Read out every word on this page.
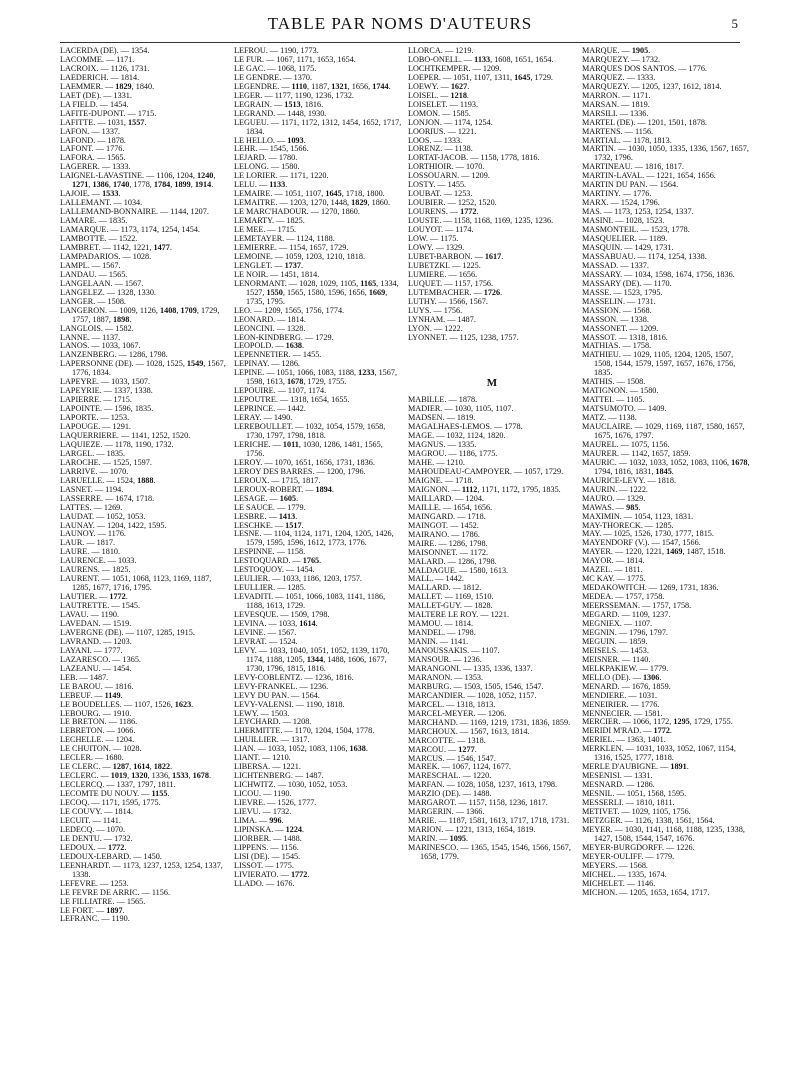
TABLE PAR NOMS D'AUTEURS	5
LACERDA (DE). — 1354.
LACOMME. — 1171.
LACROIX. — 1126, 1731.
LAEDERICH. — 1814.
LAEMMER. — 1829, 1840.
LAET (DE). — 1331.
LA FIELD. — 1454.
LAFITE-DUPONT. — 1715.
LAFITTE. — 1031, 1557.
LAFON. — 1337.
LAFOND. — 1878.
LAFONT. — 1776.
LAFORA. — 1565.
LAGERER. — 1333.
LAIGNEL-LAVASTINE. — 1106, 1204, 1240, 1271, 1386, 1740, 1778, 1784, 1899, 1914.
LAJOIE. — 1533.
LALLEMANT. — 1034.
LALLEMAND-BONNAIRE. — 1144, 1207.
LAMARE. — 1835.
LAMARQUE. — 1173, 1174, 1254, 1454.
LAMBOTTE. — 1522.
LAMBRET. — 1142, 1221, 1477.
LAMPADARIOS. — 1028.
LAMPL. — 1567.
LANDAU. — 1565.
LANGELAAN. — 1567.
LANGELEZ. — 1328, 1330.
LANGER. — 1508.
LANGERON. — 1009, 1126, 1408, 1709, 1729, 1757, 1887, 1898.
LANGLOIS. — 1582.
LANNE. — 1137.
LANOS. — 1033, 1067.
LANZENBERG. — 1286, 1798.
LAPERSONNE (DE). — 1028, 1525, 1549, 1567, 1776, 1834.
LAPEYRE. — 1033, 1507.
LAPEYRIE. — 1337, 1338.
LAPIERRE. — 1715.
LAPOINTE. — 1596, 1835.
LAPORTE. — 1253.
LAPOUGE. — 1291.
LAQUERRIÈRE. — 1141, 1252, 1520.
LAQUIÈZE. — 1178, 1190, 1732.
LARGEL. — 1835.
LAROCHE. — 1525, 1597.
LARRIVÉ. — 1070.
LARUELLE. — 1524, 1888.
LASNET. — 1194.
LASSERRE. — 1674, 1718.
LATTES. — 1269.
LAUDAT. — 1052, 1053.
LAUNAY. — 1204, 1422, 1595.
LAUNOY. — 1176.
LAUR. — 1817.
LAURE. — 1810.
LAURENCE. — 1033.
LAURENS. — 1825.
LAURENT. — 1051, 1068, 1123, 1169, 1187, 1285, 1677, 1716, 1795.
LAUTIER. — 1772.
LAUTRETTE. — 1545.
LAVAU. — 1190.
LAVEDAN. — 1519.
LAVERGNE (DE). — 1107, 1285, 1915.
LAVRAND. — 1203.
LAYANI. — 1777.
LAZARESCO. — 1365.
LAZEANU. — 1454.
LEB. — 1487.
LE BAROU. — 1816.
LEBEUF. — 1149.
LE BOUDELLES. — 1107, 1526, 1623.
LEBOURG. — 1910.
LE BRETON. — 1186.
LEBRETON. — 1066.
LECHELLE. — 1204.
LE CHUITON. — 1028.
LECLER. — 1680.
LE CLERC. — 1287, 1614, 1822.
LECLERC. — 1019, 1320, 1336, 1533, 1678.
LECLERCQ. — 1337, 1797, 1811.
LECOMTE DU NOUY. — 1155.
LECOQ. — 1171, 1595, 1775.
LE COUVY. — 1814.
LECUIT. — 1141.
LEDECQ. — 1070.
LE DENTU. — 1732.
LEDOUX. — 1772.
LEDOUX-LEBARD. — 1450.
LEENHARDT. — 1173, 1237, 1253, 1254, 1337, 1338.
LEFÈVRE. — 1253.
LE FÈVRE DE ARRIC. — 1156.
LE FILLIATRE. — 1565.
LE FORT. — 1897.
LEFRANC. — 1190.
LEFROU. — 1190, 1773.
LE FUR. — 1067, 1171, 1653, 1654.
LE GAC. — 1068, 1175.
LE GENDRE. — 1370.
LEGENDRE. — 1110, 1187, 1321, 1656, 1744.
LÉGER. — 1177, 1190, 1236, 1732.
LEGRAIN. — 1513, 1816.
LEGRAND. — 1448, 1930.
LEGUEU. — 1171, 1172, 1312, 1454, 1652, 1717, 1834.
LE HELLO. — 1093.
LEHR. — 1545, 1566.
LEJARD. — 1780.
LELONG. — 1580.
LE LORIER. — 1171, 1220.
LÉLU. — 1133.
LEMAIRE. — 1051, 1107, 1645, 1718, 1800.
LEMAITRE. — 1203, 1270, 1448, 1829, 1860.
LE MARC'HADOUR. — 1270, 1860.
LEMARTY. — 1825.
LE MÉE. — 1715.
LEMÉTAYER. — 1124, 1188.
LEMIERRE. — 1154, 1657, 1729.
LEMOINE. — 1059, 1203, 1210, 1818.
LENGLET. — 1737.
LE NOIR. — 1451, 1814.
LENORMANT. — 1028, 1029, 1105, 1165, 1334, 1527, 1550, 1565, 1580, 1596, 1656, 1669, 1735, 1795.
LÉO. — 1209, 1565, 1756, 1774.
LÉONARD. — 1814.
LEONCINI. — 1328.
LEON-KINDBERG. — 1729.
LEOPOLD. — 1638.
LEPENNETIER. — 1455.
LÉPINAY. — 1286.
LÉPINE. — 1051, 1066, 1083, 1188, 1233, 1567, 1598, 1613, 1678, 1729, 1755.
LEPOUIRE. — 1107, 1174.
LEPOUTRE. — 1318, 1654, 1655.
LEPRINCE. — 1442.
LERAY. — 1490.
LEREBOULLET. — 1032, 1054, 1579, 1658, 1730, 1797, 1798, 1818.
LERICHE. — 1011, 1030, 1286, 1481, 1565, 1756.
LEROY. — 1070, 1651, 1656, 1731, 1836.
LEROY DES BARRES. — 1200, 1796.
LEROUX. — 1715, 1817.
LEROUX-ROBERT. — 1894.
LESAGE. — 1605.
LE SAUCE. — 1779.
LESBRE. — 1413.
LESCHKE. — 1517.
LESNÉ. — 1104, 1124, 1171, 1204, 1205, 1426, 1579, 1595, 1596, 1612, 1773, 1776.
LESPINNE. — 1158.
LESTOQUARD. — 1765.
LESTOQUOY. — 1454.
LEULIER. — 1033, 1186, 1203, 1757.
LEULLIER. — 1285.
LEVADITI. — 1051, 1066, 1083, 1141, 1186, 1188, 1613, 1729.
LEVESQUE. — 1509, 1798.
LEVINA. — 1033, 1614.
LEVINE. — 1567.
LEVRAT. — 1524.
LÉVY. — 1033, 1040, 1051, 1052, 1139, 1170, 1174, 1188, 1205, 1344, 1488, 1606, 1677, 1730, 1796, 1815, 1816.
LÉVY-COBLENTZ. — 1236, 1816.
LÉVY-FRANKEL. — 1236.
LÉVY DU PAN. — 1564.
LÉVY-VALENSI. — 1190, 1818.
LEWY. — 1503.
LEYCHARD. — 1208.
LHERMITTE. — 1170, 1204, 1504, 1778.
LHUILLIER. — 1317.
LIAN. — 1033, 1052, 1083, 1106, 1638.
LIANT. — 1210.
LIBERSA. — 1221.
LICHTENBERG. — 1487.
LICHWITZ. — 1030, 1052, 1053.
LICOU. — 1190.
LIÈVRE. — 1526, 1777.
LIEVU. — 1732.
LIMA. — 996.
LIPINSKA. — 1224.
LIORBER. — 1488.
LIPPENS. — 1156.
LISI (DE). — 1545.
LISSOT. — 1775.
LIVIERATO. — 1772.
LLADO. — 1676.
LLORCA. — 1219.
LOBO-ONELL. — 1133, 1608, 1651, 1654.
LOCHTKEMPER. — 1209.
LOEPER. — 1051, 1107, 1311, 1645, 1729.
LOEWY. — 1627.
LOISEL. — 1218.
LOISELET. — 1193.
LOMON. — 1585.
LONJON. — 1174, 1254.
LOORIUS. — 1221.
LOOS. — 1333.
LORENZ. — 1138.
LORTAT-JACOB. — 1158, 1778, 1816.
LORTHIOIR. — 1070.
LOSSOUARN. — 1209.
LOSTY. — 1455.
LOUBAT. — 1253.
LOUBIER. — 1252, 1520.
LOURENS. — 1772.
LOUSTE. — 1158, 1168, 1169, 1235, 1236.
LOUYOT. — 1174.
LOW. — 1175.
LOWY. — 1329.
LUBET-BARBON. — 1617.
LUBETZKI. — 1225.
LUMIÈRE. — 1656.
LUQUET. — 1157, 1756.
LUTEMBACHER. — 1726.
LUTHY. — 1566, 1567.
LUYS. — 1756.
LYNHAM. — 1487.
LYON. — 1222.
LYONNET. — 1125, 1238, 1757.
M
MABILLE. — 1878.
MADIER. — 1030, 1105, 1107.
MADSEN. — 1819.
MAGALHAES-LEMOS. — 1778.
MAGE. — 1032, 1124, 1820.
MAGNUS. — 1335.
MAGROU. — 1186, 1775.
MAHÉ. — 1210.
MAHOUDEAU-CAMPOYER. — 1057, 1729.
MAIGNÉ. — 1718.
MAIGNON. — 1112, 1171, 1172, 1795, 1835.
MAILLARD. — 1204.
MAILLE. — 1654, 1656.
MAINGARD. — 1718.
MAINGOT. — 1452.
MAIRANO. — 1786.
MAIRE. — 1286, 1798.
MAISONNET. — 1172.
MALARD. — 1286, 1798.
MALDAGUE. — 1580, 1613.
MALL. — 1442.
MALLARD. — 1812.
MALLET. — 1169, 1510.
MALLET-GUY. — 1828.
MALTÈRE LE ROY. — 1221.
MAMOU. — 1814.
MANDEL. — 1798.
MANIN. — 1141.
MANOUSSAKIS. — 1107.
MANSOUR. — 1236.
MARANGONI. — 1335, 1336, 1337.
MARANON. — 1353.
MARBURG. — 1503, 1505, 1546, 1547.
MARCANDIER. — 1028, 1052, 1157.
MARCEL. — 1318, 1813.
MARCEL-MEYER. — 1206.
MARCHAND. — 1169, 1219, 1731, 1836, 1859.
MARCHOUX. — 1567, 1613, 1814.
MARCOTTE. — 1318.
MARCOU. — 1277.
MARCUS. — 1546, 1547.
MAREK. — 1067, 1124, 1677.
MARESCHAL. — 1220.
MARFAN. — 1028, 1058, 1237, 1613, 1798.
MARZIO (DE). — 1488.
MARGAROT. — 1157, 1158, 1236, 1817.
MARGERIN. — 1366.
MARIE. — 1187, 1581, 1613, 1717, 1718, 1731.
MARION. — 1221, 1313, 1654, 1819.
MARIN. — 1095.
MARINESCO. — 1365, 1545, 1546, 1566, 1567, 1658, 1779.
MARQUE. — 1905.
MARQUÉZY. — 1732.
MARQUES DOS SANTOS. — 1776.
MARQUEZ. — 1333.
MARQUÉZY. — 1205, 1237, 1612, 1814.
MARRON. — 1171.
MARSAN. — 1819.
MARSILI. — 1336.
MARTEL (DE). — 1201, 1501, 1878.
MARTENS. — 1156.
MARTIAL. — 1178, 1813.
MARTIN. — 1030, 1050, 1335, 1336, 1567, 1657, 1732, 1796.
MARTINEAU. — 1816, 1817.
MARTIN-LAVAL. — 1221, 1654, 1656.
MARTIN DU PAN. — 1564.
MARTINY. — 1776.
MARX. — 1524, 1796.
MAS. — 1173, 1253, 1254, 1337.
MASINI. — 1028, 1523.
MASMONTEIL. — 1523, 1778.
MASQUELIER. — 1189.
MASQUIN. — 1429, 1731.
MASSABUAU. — 1174, 1254, 1338.
MASSAD. — 1337.
MASSARY. — 1034, 1598, 1674, 1756, 1836.
MASSARY (DE). — 1170.
MASSÉ. — 1523, 1795.
MASSELIN. — 1731.
MASSION. — 1568.
MASSON. — 1338.
MASSONET. — 1209.
MASSOT. — 1318, 1816.
MATHIAS. — 1758.
MATHIEU. — 1029, 1105, 1204, 1205, 1507, 1508, 1544, 1579, 1597, 1657, 1676, 1756, 1835.
MATHIS. — 1508.
MATIGNON. — 1580.
MATTEI. — 1105.
MATSUMOTO. — 1409.
MATZ. — 1138.
MAUCLAIRE. — 1029, 1169, 1187, 1580, 1657, 1675, 1676, 1797.
MAUREL. — 1075, 1156.
MAURER. — 1142, 1657, 1859.
MAURIC. — 1032, 1033, 1052, 1083, 1106, 1678, 1794, 1816, 1831, 1845.
MAURICE-LÉVY. — 1818.
MAURIN. — 1222.
MAURO. — 1329.
MAWAS. — 985.
MAXIMIN. — 1054, 1123, 1831.
MAY-THORECK. — 1285.
MAY. — 1025, 1526, 1730, 1777, 1815.
MAYENDORF (V.). — 1547, 1566.
MAYER. — 1220, 1221, 1469, 1487, 1518.
MAYOR. — 1814.
MAZEL. — 1811.
MC KAY. — 1775.
MEDAKOWITCH. — 1269, 1731, 1836.
MEDEA. — 1757, 1758.
MEERSSEMAN. — 1757, 1758.
MÉGARD. — 1109, 1237.
MÉGNIEX. — 1107.
MÉGNIN. — 1796, 1797.
MÉGUIN. — 1859.
MEISELS. — 1453.
MEISNER. — 1140.
MELKPAKIEW. — 1779.
MELLO (DE). — 1306.
MÉNARD. — 1676, 1859.
MENDIÈRE. — 1031.
MENEIRIER. — 1776.
MENNECIER. — 1581.
MERCIER. — 1066, 1172, 1295, 1729, 1755.
MÉRIDI M'RAD. — 1772.
MERIEL. — 1363, 1401.
MERKLEN. — 1031, 1033, 1052, 1067, 1154, 1316, 1525, 1777, 1818.
MERLE D'AUBIGNÉ. — 1891.
MESENISI. — 1331.
MESNARD. — 1286.
MESNIL. — 1051, 1568, 1595.
MESSERLI. — 1810, 1811.
METIVET. — 1029, 1105, 1756.
METZGER. — 1126, 1338, 1561, 1564.
MEYER. — 1030, 1141, 1168, 1188, 1235, 1338, 1427, 1508, 1544, 1547, 1676.
MEYER-BURGDORFF. — 1226.
MEYER-OULIFF. — 1779.
MEYERS. — 1568.
MICHEL. — 1335, 1674.
MICHELET. — 1146.
MICHON. — 1205, 1653, 1654, 1717.
